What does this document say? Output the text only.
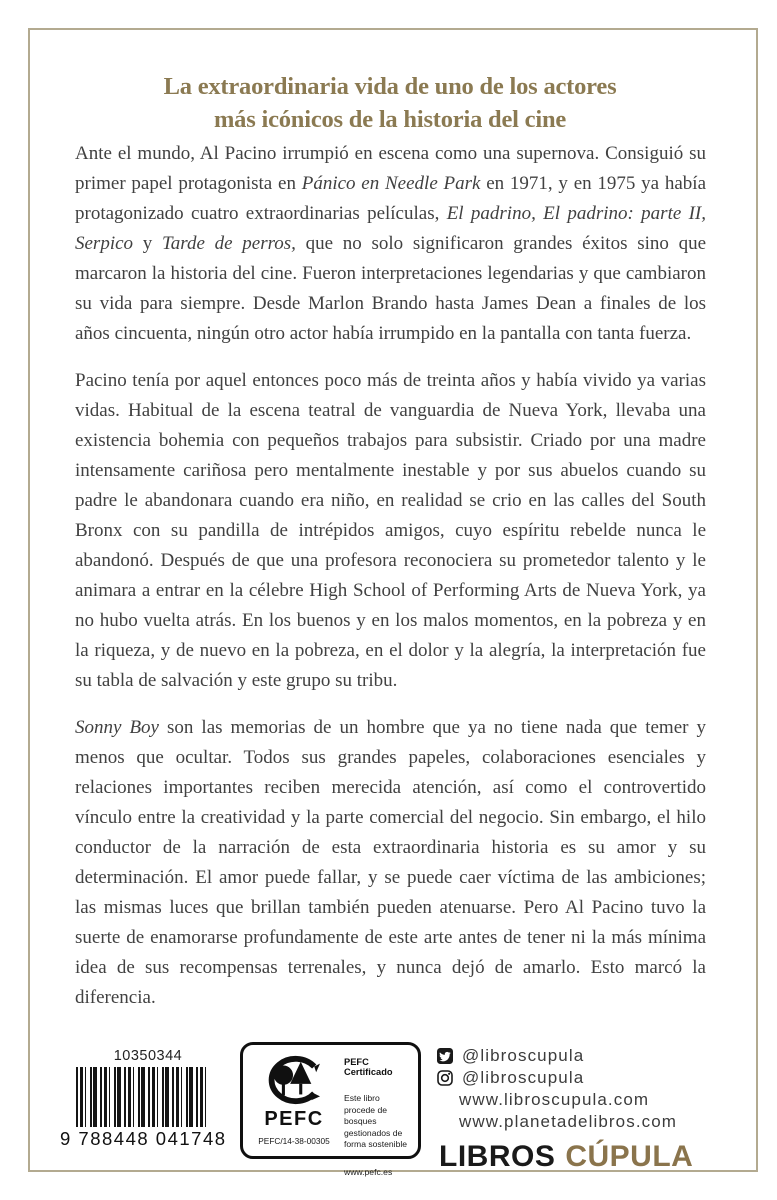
La extraordinaria vida de uno de los actores
más icónicos de la historia del cine

Ante el mundo, Al Pacino irrumpió en escena como una supernova. Consiguió su primer papel protagonista en Pánico en Needle Park en 1971, y en 1975 ya había protagonizado cuatro extraordinarias películas, El padrino, El padrino: parte II, Serpico y Tarde de perros, que no solo significaron grandes éxitos sino que marcaron la historia del cine. Fueron interpretaciones legendarias y que cambiaron su vida para siempre. Desde Marlon Brando hasta James Dean a finales de los años cincuenta, ningún otro actor había irrumpido en la pantalla con tanta fuerza.

Pacino tenía por aquel entonces poco más de treinta años y había vivido ya varias vidas. Habitual de la escena teatral de vanguardia de Nueva York, llevaba una existencia bohemia con pequeños trabajos para subsistir. Criado por una madre intensamente cariñosa pero mentalmente inestable y por sus abuelos cuando su padre le abandonara cuando era niño, en realidad se crio en las calles del South Bronx con su pandilla de intrépidos amigos, cuyo espíritu rebelde nunca le abandonó. Después de que una profesora reconociera su prometedor talento y le animara a entrar en la célebre High School of Performing Arts de Nueva York, ya no hubo vuelta atrás. En los buenos y en los malos momentos, en la pobreza y en la riqueza, y de nuevo en la pobreza, en el dolor y la alegría, la interpretación fue su tabla de salvación y este grupo su tribu.

Sonny Boy son las memorias de un hombre que ya no tiene nada que temer y menos que ocultar. Todos sus grandes papeles, colaboraciones esenciales y relaciones importantes reciben merecida atención, así como el controvertido vínculo entre la creatividad y la parte comercial del negocio. Sin embargo, el hilo conductor de la narración de esta extraordinaria historia es su amor y su determinación. El amor puede fallar, y se puede caer víctima de las ambiciones; las mismas luces que brillan también pueden atenuarse. Pero Al Pacino tuvo la suerte de enamorarse profundamente de este arte antes de tener ni la más mínima idea de sus recompensas terrenales, y nunca dejó de amarlo. Esto marcó la diferencia.

10350344
9 788448 041748
PEFC
PEFC/14-38-00305
PEFC Certificado
Este libro procede de bosques gestionados de forma sostenible
www.pefc.es
@libroscupula
@libroscupula
www.libroscupula.com
www.planetadelibros.com
LIBROS CÚPULA
